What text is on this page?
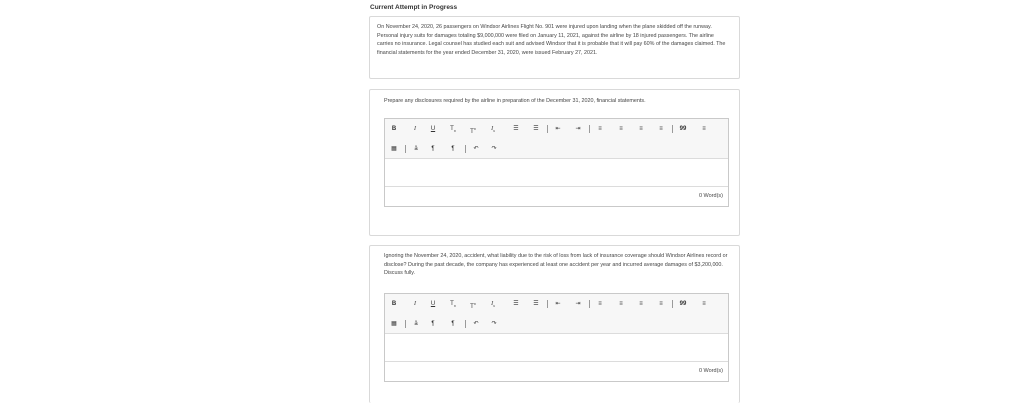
Current Attempt in Progress
On November 24, 2020, 26 passengers on Windsor Airlines Flight No. 901 were injured upon landing when the plane skidded off the runway. Personal injury suits for damages totaling $9,000,000 were filed on January 11, 2021, against the airline by 18 injured passengers. The airline carries no insurance. Legal counsel has studied each suit and advised Windsor that it is probable that it will pay 60% of the damages claimed. The financial statements for the year ended December 31, 2020, were issued February 27, 2021.
Prepare any disclosures required by the airline in preparation of the December 31, 2020, financial statements.
B	I	U	$T_x$	$T^x$	$I_x$	☰	☰	⇤	⇥	≡	≡	≡	≡	99	≡
▦	ä	¶	¶	↶	↷
0 Word(s)
Ignoring the November 24, 2020, accident, what liability due to the risk of loss from lack of insurance coverage should Windsor Airlines record or disclose? During the past decade, the company has experienced at least one accident per year and incurred average damages of $3,200,000. Discuss fully.
B	I	U	$T_x$	$T^x$	$I_x$	☰	☰	⇤	⇥	≡	≡	≡	≡	99	≡
▦	ä	¶	¶	↶	↷
0 Word(s)
